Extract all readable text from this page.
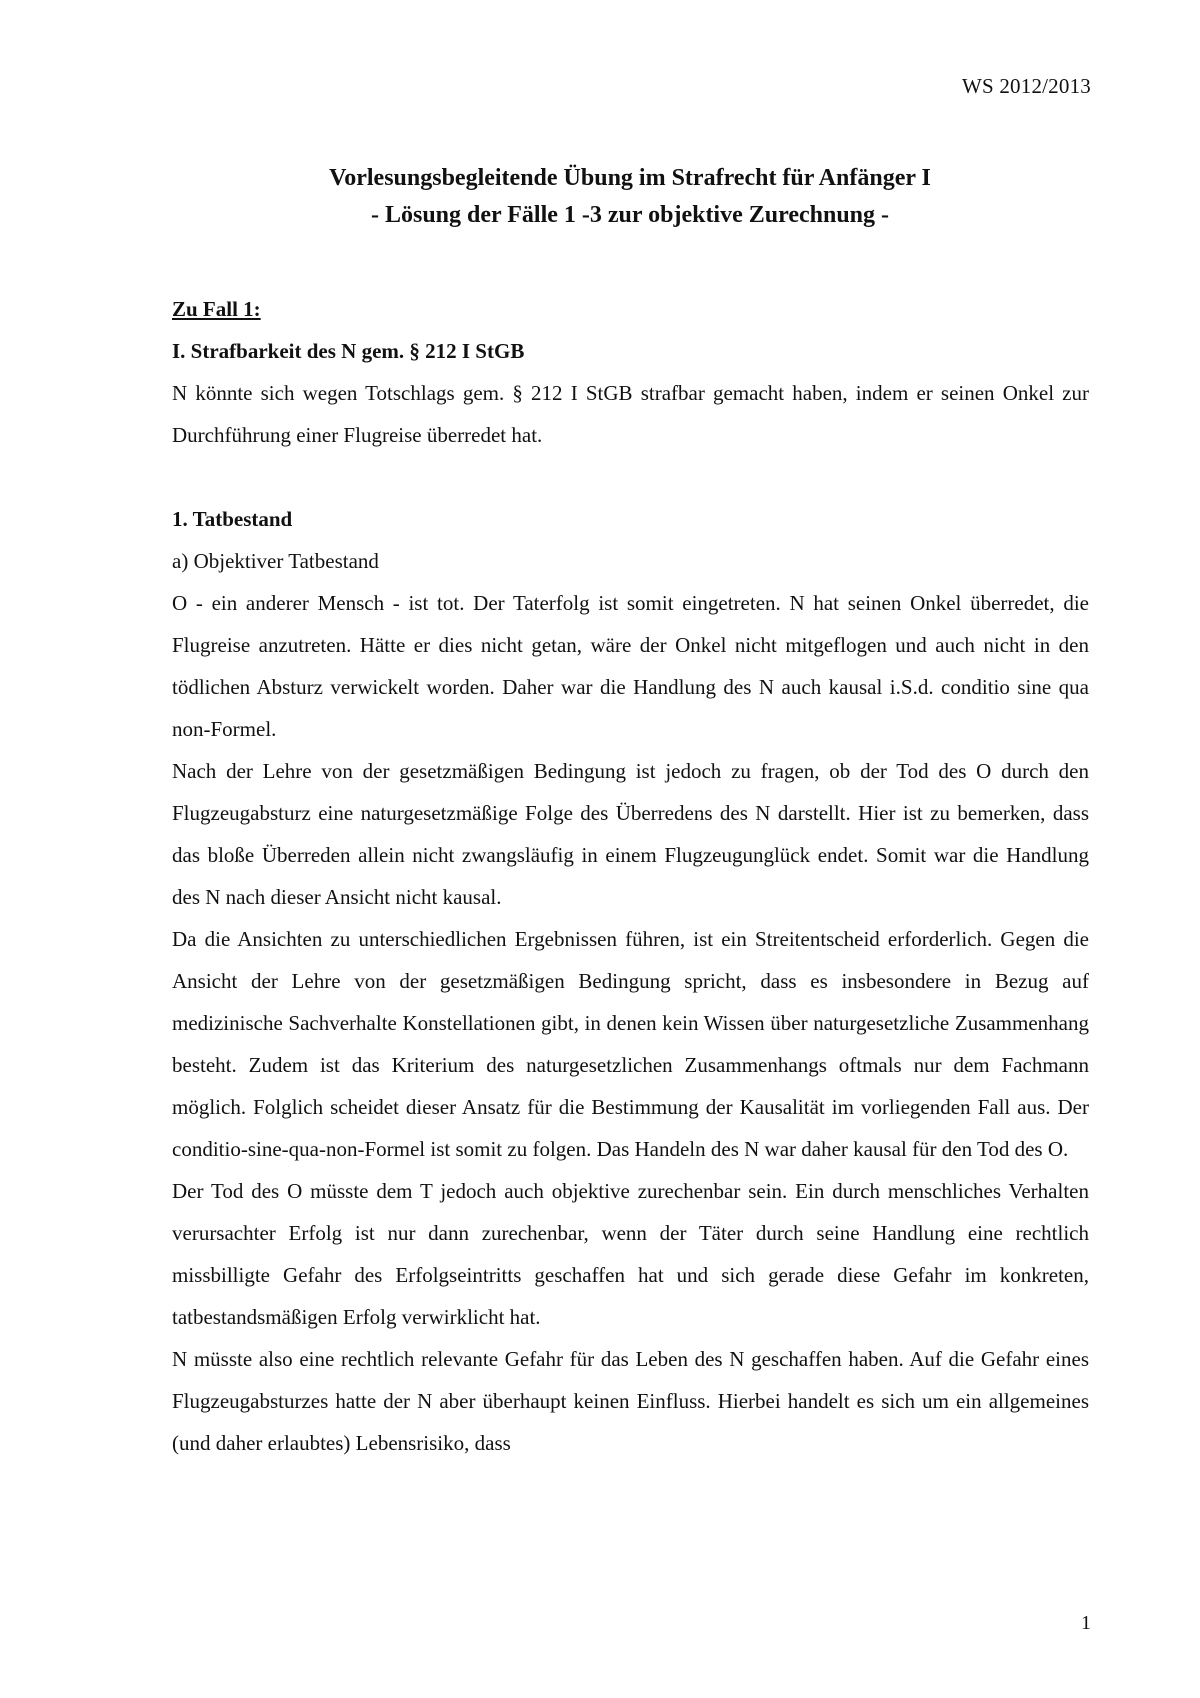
WS 2012/2013
Vorlesungsbegleitende Übung im Strafrecht für Anfänger I
- Lösung der Fälle 1 -3 zur objektive Zurechnung -

Zu Fall 1:

I. Strafbarkeit des N gem. § 212 I StGB

N könnte sich wegen Totschlags gem. § 212 I StGB strafbar gemacht haben, indem er seinen Onkel zur Durchführung einer Flugreise überredet hat.

1. Tatbestand

a) Objektiver Tatbestand

O - ein anderer Mensch - ist tot. Der Taterfolg ist somit eingetreten. N hat seinen Onkel überredet, die Flugreise anzutreten. Hätte er dies nicht getan, wäre der Onkel nicht mitgeflogen und auch nicht in den tödlichen Absturz verwickelt worden. Daher war die Handlung des N auch kausal i.S.d. conditio sine qua non-Formel.

Nach der Lehre von der gesetzmäßigen Bedingung ist jedoch zu fragen, ob der Tod des O durch den Flugzeugabsturz eine naturgesetzmäßige Folge des Überredens des N darstellt. Hier ist zu bemerken, dass das bloße Überreden allein nicht zwangsläufig in einem Flugzeugunglück endet. Somit war die Handlung des N nach dieser Ansicht nicht kausal.

Da die Ansichten zu unterschiedlichen Ergebnissen führen, ist ein Streitentscheid erforderlich. Gegen die Ansicht der Lehre von der gesetzmäßigen Bedingung spricht, dass es insbesondere in Bezug auf medizinische Sachverhalte Konstellationen gibt, in denen kein Wissen über naturgesetzliche Zusammenhang besteht. Zudem ist das Kriterium des naturgesetzlichen Zusammenhangs oftmals nur dem Fachmann möglich. Folglich scheidet dieser Ansatz für die Bestimmung der Kausalität im vorliegenden Fall aus. Der conditio-sine-qua-non-Formel ist somit zu folgen. Das Handeln des N war daher kausal für den Tod des O.

Der Tod des O müsste dem T jedoch auch objektive zurechenbar sein. Ein durch menschliches Verhalten verursachter Erfolg ist nur dann zurechenbar, wenn der Täter durch seine Handlung eine rechtlich missbilligte Gefahr des Erfolgseintritts geschaffen hat und sich gerade diese Gefahr im konkreten, tatbestandsmäßigen Erfolg verwirklicht hat.

N müsste also eine rechtlich relevante Gefahr für das Leben des N geschaffen haben. Auf die Gefahr eines Flugzeugabsturzes hatte der N aber überhaupt keinen Einfluss. Hierbei handelt es sich um ein allgemeines (und daher erlaubtes) Lebensrisiko, dass

1
